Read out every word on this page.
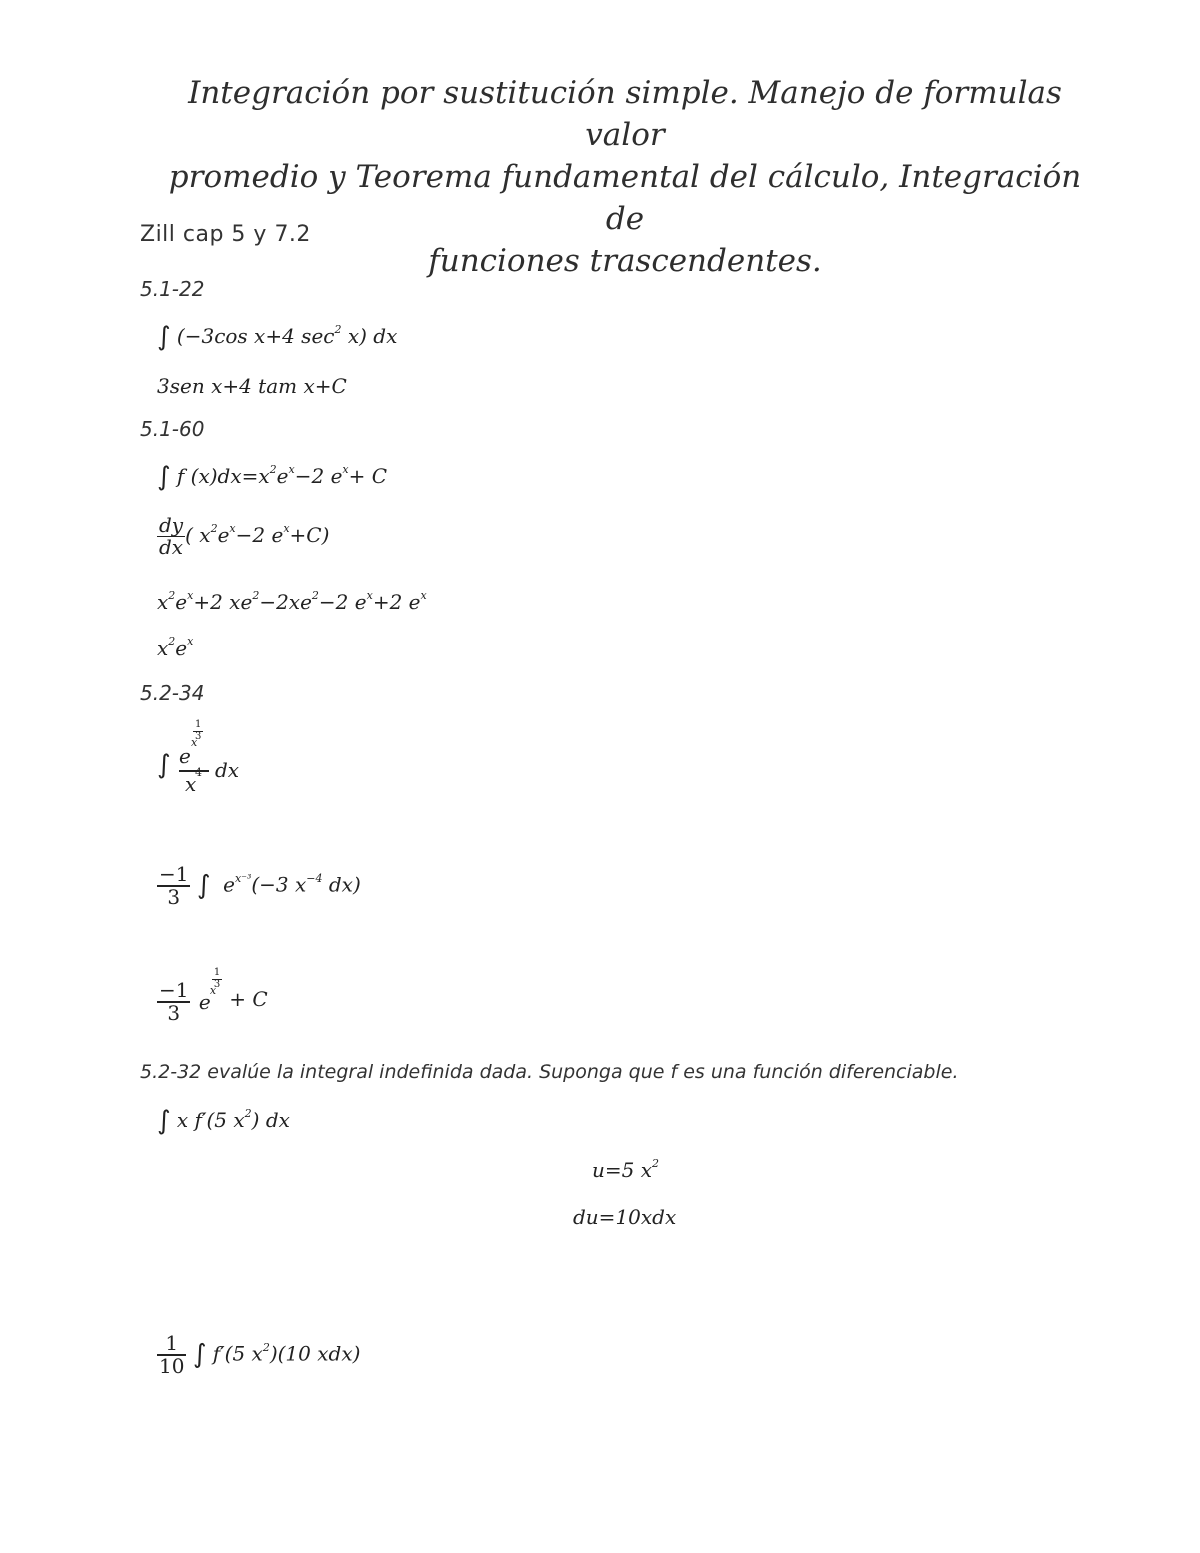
Integración por sustitución simple. Manejo de formulas valor
promedio y Teorema fundamental del cálculo, Integración de
funciones trascendentes.
Zill cap 5 y 7.2
5.1-22
∫ (−3cos x+4 $\sec^2 x$) dx
3sen x+4 tam x+C
5.1-60
∫ f $(x)dx=x^2e^x-2$ $e^x+ C$
$\frac{dy}{dx}$ ( $x^2e^x-2$ $e^x+C$)
$x^2e^x+2$ $xe^2-2xe^2-2$ $e^x+2$ $e^x$
$x^2e^x$
5.2-34
∫ e
x
$\frac{1}{3}$
x
4 dx
$\frac{-1}{3}$ ∫ $e^{x^{-3}}(-3$ $x^{-4}$ dx)
$\frac{-1}{3}$
e x
$\frac{1}{3}$
+ C
5.2-32 evalúe la integral indefinida dada. Suponga que f es una función diferenciable.
∫ x f′(5 $x^2$) dx
u=5 $x^2$
du=10xdx
$\frac{1}{10}$ ∫ f′(5 $x^2)(10$ xdx)
